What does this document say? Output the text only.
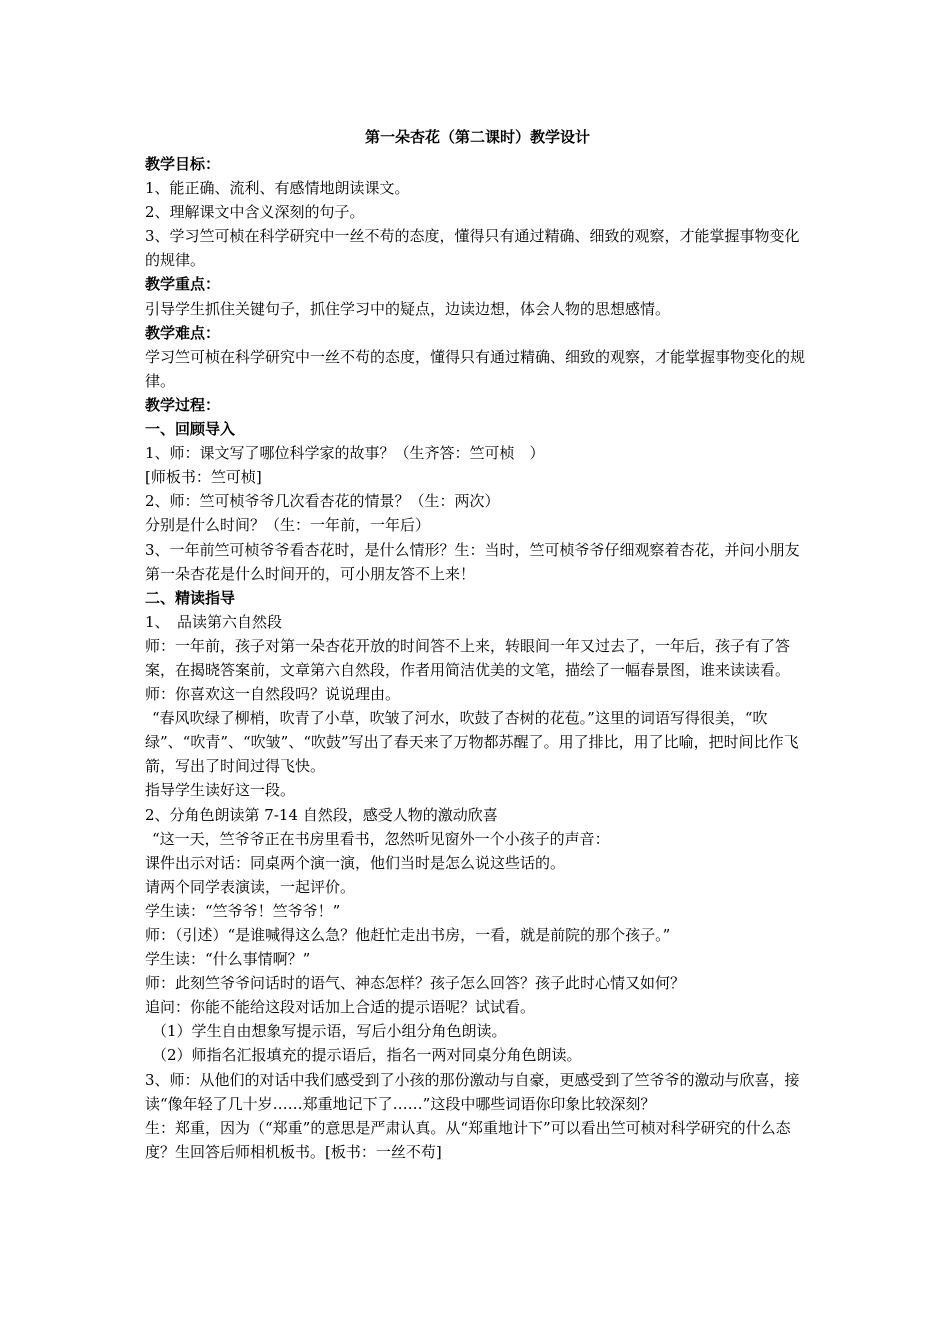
第一朵杏花（第二课时）教学设计

教学目标：

1、能正确、流利、有感情地朗读课文。

2、理解课文中含义深刻的句子。

3、学习竺可桢在科学研究中一丝不苟的态度，懂得只有通过精确、细致的观察，才能掌握事物变化的规律。

教学重点：

引导学生抓住关键句子，抓住学习中的疑点，边读边想，体会人物的思想感情。

教学难点：

学习竺可桢在科学研究中一丝不苟的态度，懂得只有通过精确、细致的观察，才能掌握事物变化的规律。

教学过程：

一、回顾导入

1、师：课文写了哪位科学家的故事？（生齐答：竺可桢　）

[师板书：竺可桢]

2、师：竺可桢爷爷几次看杏花的情景？（生：两次）

分别是什么时间？（生：一年前，一年后）

3、一年前竺可桢爷爷看杏花时，是什么情形？生：当时，竺可桢爷爷仔细观察着杏花，并问小朋友第一朵杏花是什么时间开的，可小朋友答不上来！

二、精读指导

1、　品读第六自然段

师：一年前，孩子对第一朵杏花开放的时间答不上来，转眼间一年又过去了，一年后，孩子有了答案，在揭晓答案前，文章第六自然段，作者用简洁优美的文笔，描绘了一幅春景图，谁来读读看。

师：你喜欢这一自然段吗？说说理由。

“春风吹绿了柳梢，吹青了小草，吹皱了河水，吹鼓了杏树的花苞。”这里的词语写得很美，“吹绿”、“吹青”、“吹皱”、“吹鼓”写出了春天来了万物都苏醒了。用了排比，用了比喻，把时间比作飞箭，写出了时间过得飞快。

指导学生读好这一段。

2、分角色朗读第 7-14 自然段，感受人物的激动欣喜

“这一天，竺爷爷正在书房里看书，忽然听见窗外一个小孩子的声音：

课件出示对话：同桌两个演一演，他们当时是怎么说这些话的。

请两个同学表演读，一起评价。

学生读：“竺爷爷！竺爷爷！”

师：（引述）“是谁喊得这么急？他赶忙走出书房，一看，就是前院的那个孩子。”

学生读：“什么事情啊？”

师：此刻竺爷爷问话时的语气、神态怎样？孩子怎么回答？孩子此时心情又如何？

追问：你能不能给这段对话加上合适的提示语呢？试试看。

（1）学生自由想象写提示语，写后小组分角色朗读。

（2）师指名汇报填充的提示语后，指名一两对同桌分角色朗读。

3、师：从他们的对话中我们感受到了小孩的那份激动与自豪，更感受到了竺爷爷的激动与欣喜，接读“像年轻了几十岁……郑重地记下了……”这段中哪些词语你印象比较深刻？

生：郑重，因为（“郑重”的意思是严肃认真。从“郑重地计下”可以看出竺可桢对科学研究的什么态度？生回答后师相机板书。[板书：一丝不苟]
